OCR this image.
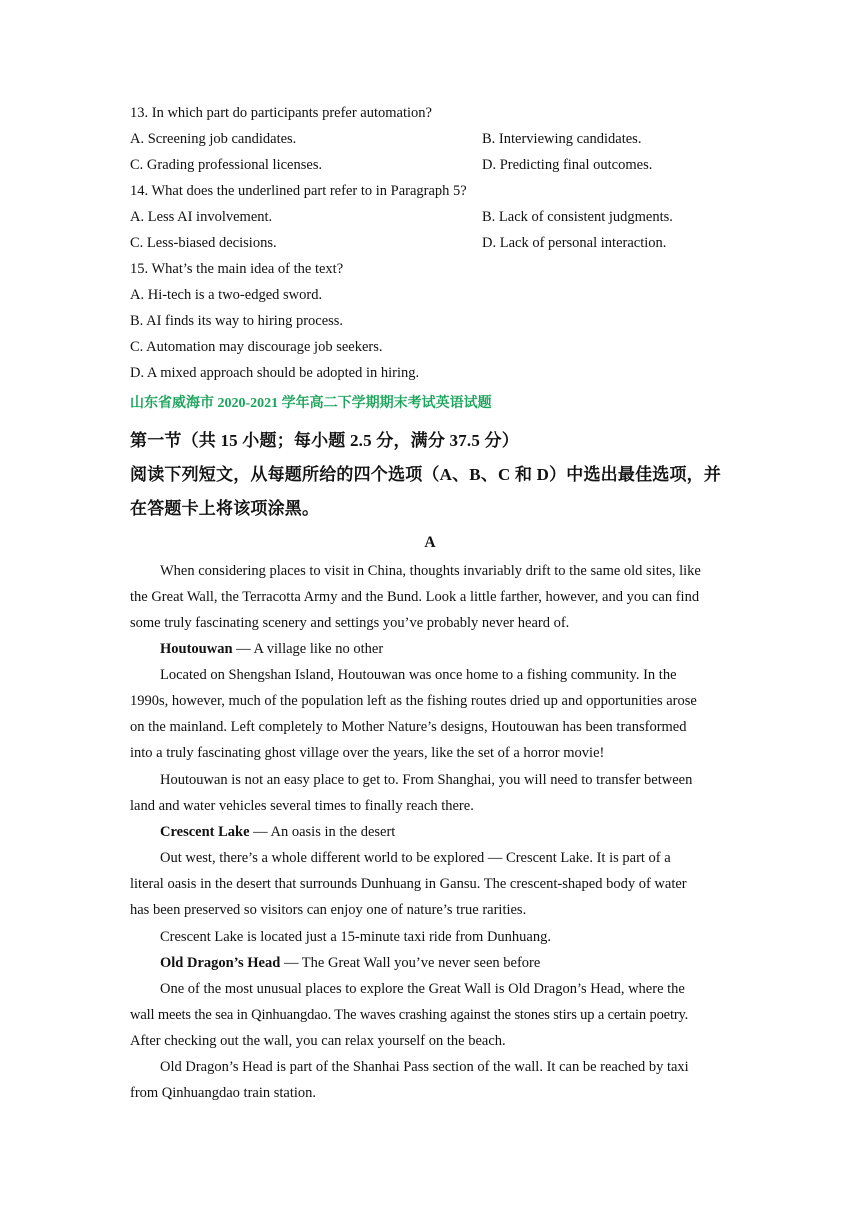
13. In which part do participants prefer automation?
A. Screening job candidates.	B. Interviewing candidates.
C. Grading professional licenses.	D. Predicting final outcomes.
14. What does the underlined part refer to in Paragraph 5?
A. Less AI involvement.	B. Lack of consistent judgments.
C. Less-biased decisions.	D. Lack of personal interaction.
15. What’s the main idea of the text?
A. Hi-tech is a two-edged sword.
B. AI finds its way to hiring process.
C. Automation may discourage job seekers.
D. A mixed approach should be adopted in hiring.
山东省威海市 2020-2021 学年高二下学期期末考试英语试题
第一节（共 15 小题；每小题 2.5 分，满分 37.5 分）
阅读下列短文，从每题所给的四个选项（A、B、C 和 D）中选出最佳选项，并
在答题卡上将该项涂黑。
A
When considering places to visit in China, thoughts invariably drift to the same old sites, like
the Great Wall, the Terracotta Army and the Bund. Look a little farther, however, and you can find
some truly fascinating scenery and settings you’ve probably never heard of.
Houtouwan — A village like no other
Located on Shengshan Island, Houtouwan was once home to a fishing community. In the
1990s, however, much of the population left as the fishing routes dried up and opportunities arose
on the mainland. Left completely to Mother Nature’s designs, Houtouwan has been transformed
into a truly fascinating ghost village over the years, like the set of a horror movie!
Houtouwan is not an easy place to get to. From Shanghai, you will need to transfer between
land and water vehicles several times to finally reach there.
Crescent Lake — An oasis in the desert
Out west, there’s a whole different world to be explored — Crescent Lake. It is part of a
literal oasis in the desert that surrounds Dunhuang in Gansu. The crescent-shaped body of water
has been preserved so visitors can enjoy one of nature’s true rarities.
Crescent Lake is located just a 15-minute taxi ride from Dunhuang.
Old Dragon’s Head — The Great Wall you’ve never seen before
One of the most unusual places to explore the Great Wall is Old Dragon’s Head, where the
wall meets the sea in Qinhuangdao. The waves crashing against the stones stirs up a certain poetry.
After checking out the wall, you can relax yourself on the beach.
Old Dragon’s Head is part of the Shanhai Pass section of the wall. It can be reached by taxi
from Qinhuangdao train station.
